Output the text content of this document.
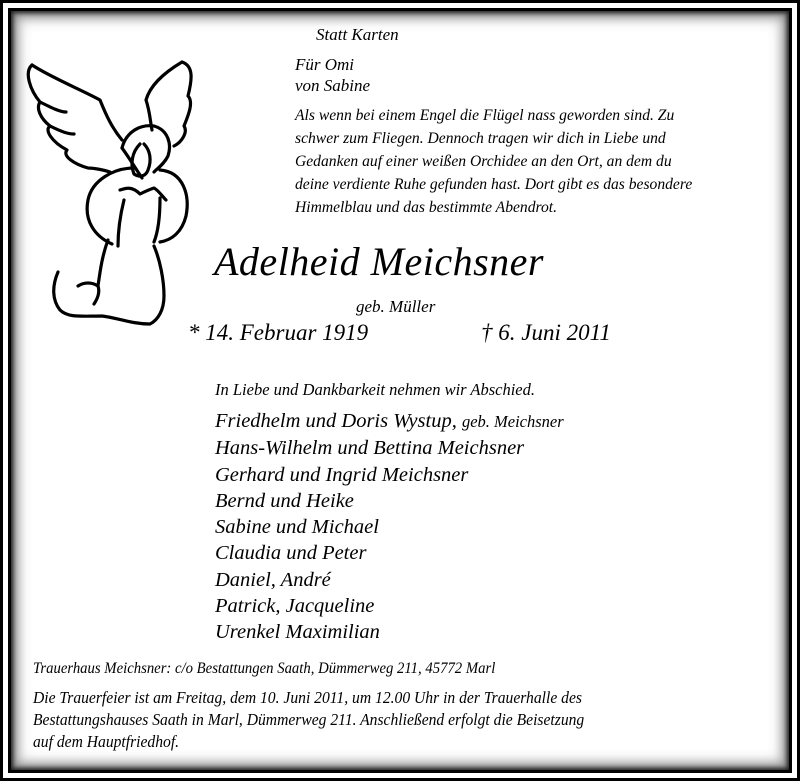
Statt Karten
Für Omi
von Sabine
Als wenn bei einem Engel die Flügel nass geworden sind. Zu
schwer zum Fliegen. Dennoch tragen wir dich in Liebe und
Gedanken auf einer weißen Orchidee an den Ort, an dem du
deine verdiente Ruhe gefunden hast. Dort gibt es das besondere
Himmelblau und das bestimmte Abendrot.
Adelheid Meichsner
geb. Müller
* 14. Februar 1919	† 6. Juni 2011
In Liebe und Dankbarkeit nehmen wir Abschied.
Friedhelm und Doris Wystup, geb. Meichsner
Hans-Wilhelm und Bettina Meichsner
Gerhard und Ingrid Meichsner
Bernd und Heike
Sabine und Michael
Claudia und Peter
Daniel, André
Patrick, Jacqueline
Urenkel Maximilian
Trauerhaus Meichsner: c/o Bestattungen Saath, Dümmerweg 211, 45772 Marl
Die Trauerfeier ist am Freitag, dem 10. Juni 2011, um 12.00 Uhr in der Trauerhalle des
Bestattungshauses Saath in Marl, Dümmerweg 211. Anschließend erfolgt die Beisetzung
auf dem Hauptfriedhof.
